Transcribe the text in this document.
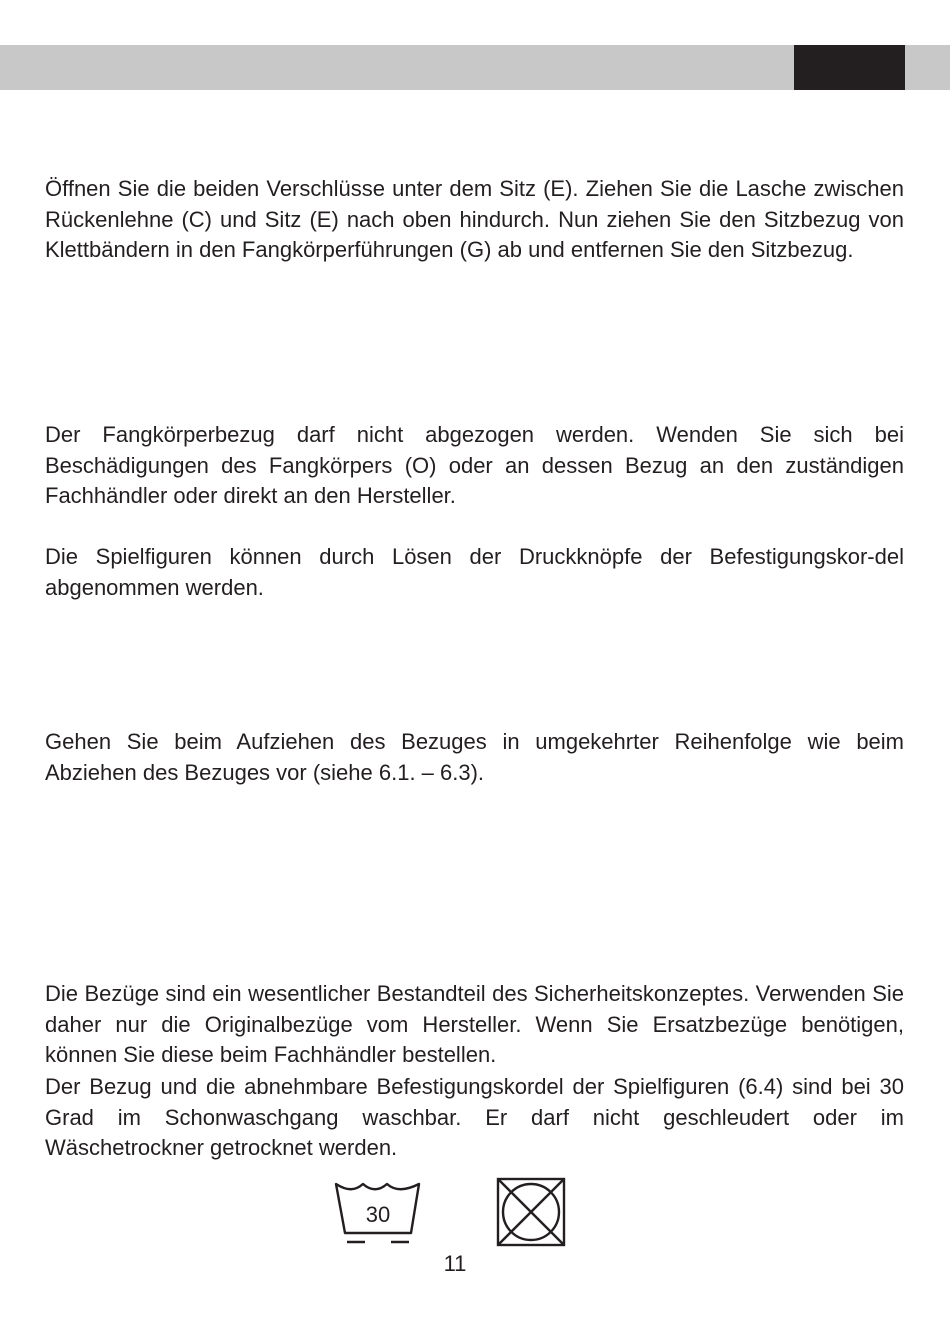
Öffnen Sie die beiden Verschlüsse unter dem Sitz (E). Ziehen Sie die Lasche zwischen Rückenlehne (C) und Sitz (E) nach oben hindurch. Nun ziehen Sie den Sitzbezug von Klettbändern in den Fangkörperführungen (G) ab und entfernen Sie den Sitzbezug.

Der Fangkörperbezug darf nicht abgezogen werden. Wenden Sie sich bei Beschädigungen des Fangkörpers (O) oder an dessen Bezug an den zuständigen Fachhändler oder direkt an den Hersteller.

Die Spielfiguren können durch Lösen der Druckknöpfe der Befestigungskor-del abgenommen werden.

Gehen Sie beim Aufziehen des Bezuges in umgekehrter Reihenfolge wie beim Abziehen des Bezuges vor (siehe 6.1. – 6.3).

Die Bezüge sind ein wesentlicher Bestandteil des Sicherheitskonzeptes. Verwenden Sie daher nur die Originalbezüge vom Hersteller. Wenn Sie Ersatzbezüge benötigen, können Sie diese beim Fachhändler bestellen.

Der Bezug und die abnehmbare Befestigungskordel der Spielfiguren (6.4) sind bei 30 Grad im Schonwaschgang waschbar. Er darf nicht geschleudert oder im Wäschetrockner getrocknet werden.

30
11
